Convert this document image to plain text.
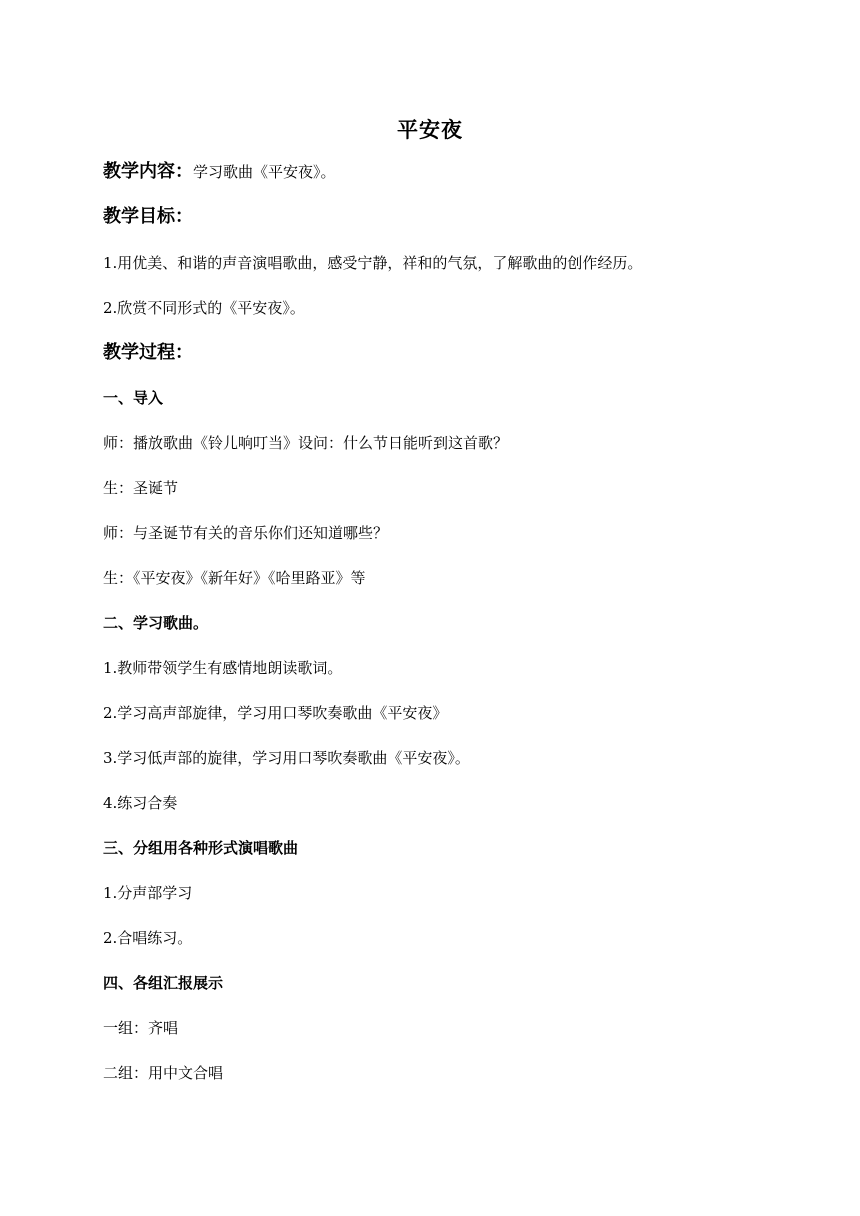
平安夜
教学内容：学习歌曲《平安夜》。
教学目标：
1.用优美、和谐的声音演唱歌曲，感受宁静，祥和的气氛，了解歌曲的创作经历。
2.欣赏不同形式的《平安夜》。
教学过程：
一、导入
师：播放歌曲《铃儿响叮当》设问：什么节日能听到这首歌？
生：圣诞节
师：与圣诞节有关的音乐你们还知道哪些？
生：《平安夜》《新年好》《哈里路亚》等
二、学习歌曲。
1.教师带领学生有感情地朗读歌词。
2.学习高声部旋律，学习用口琴吹奏歌曲《平安夜》
3.学习低声部的旋律，学习用口琴吹奏歌曲《平安夜》。
4.练习合奏
三、分组用各种形式演唱歌曲
1.分声部学习
2.合唱练习。
四、各组汇报展示
一组：齐唱
二组：用中文合唱
